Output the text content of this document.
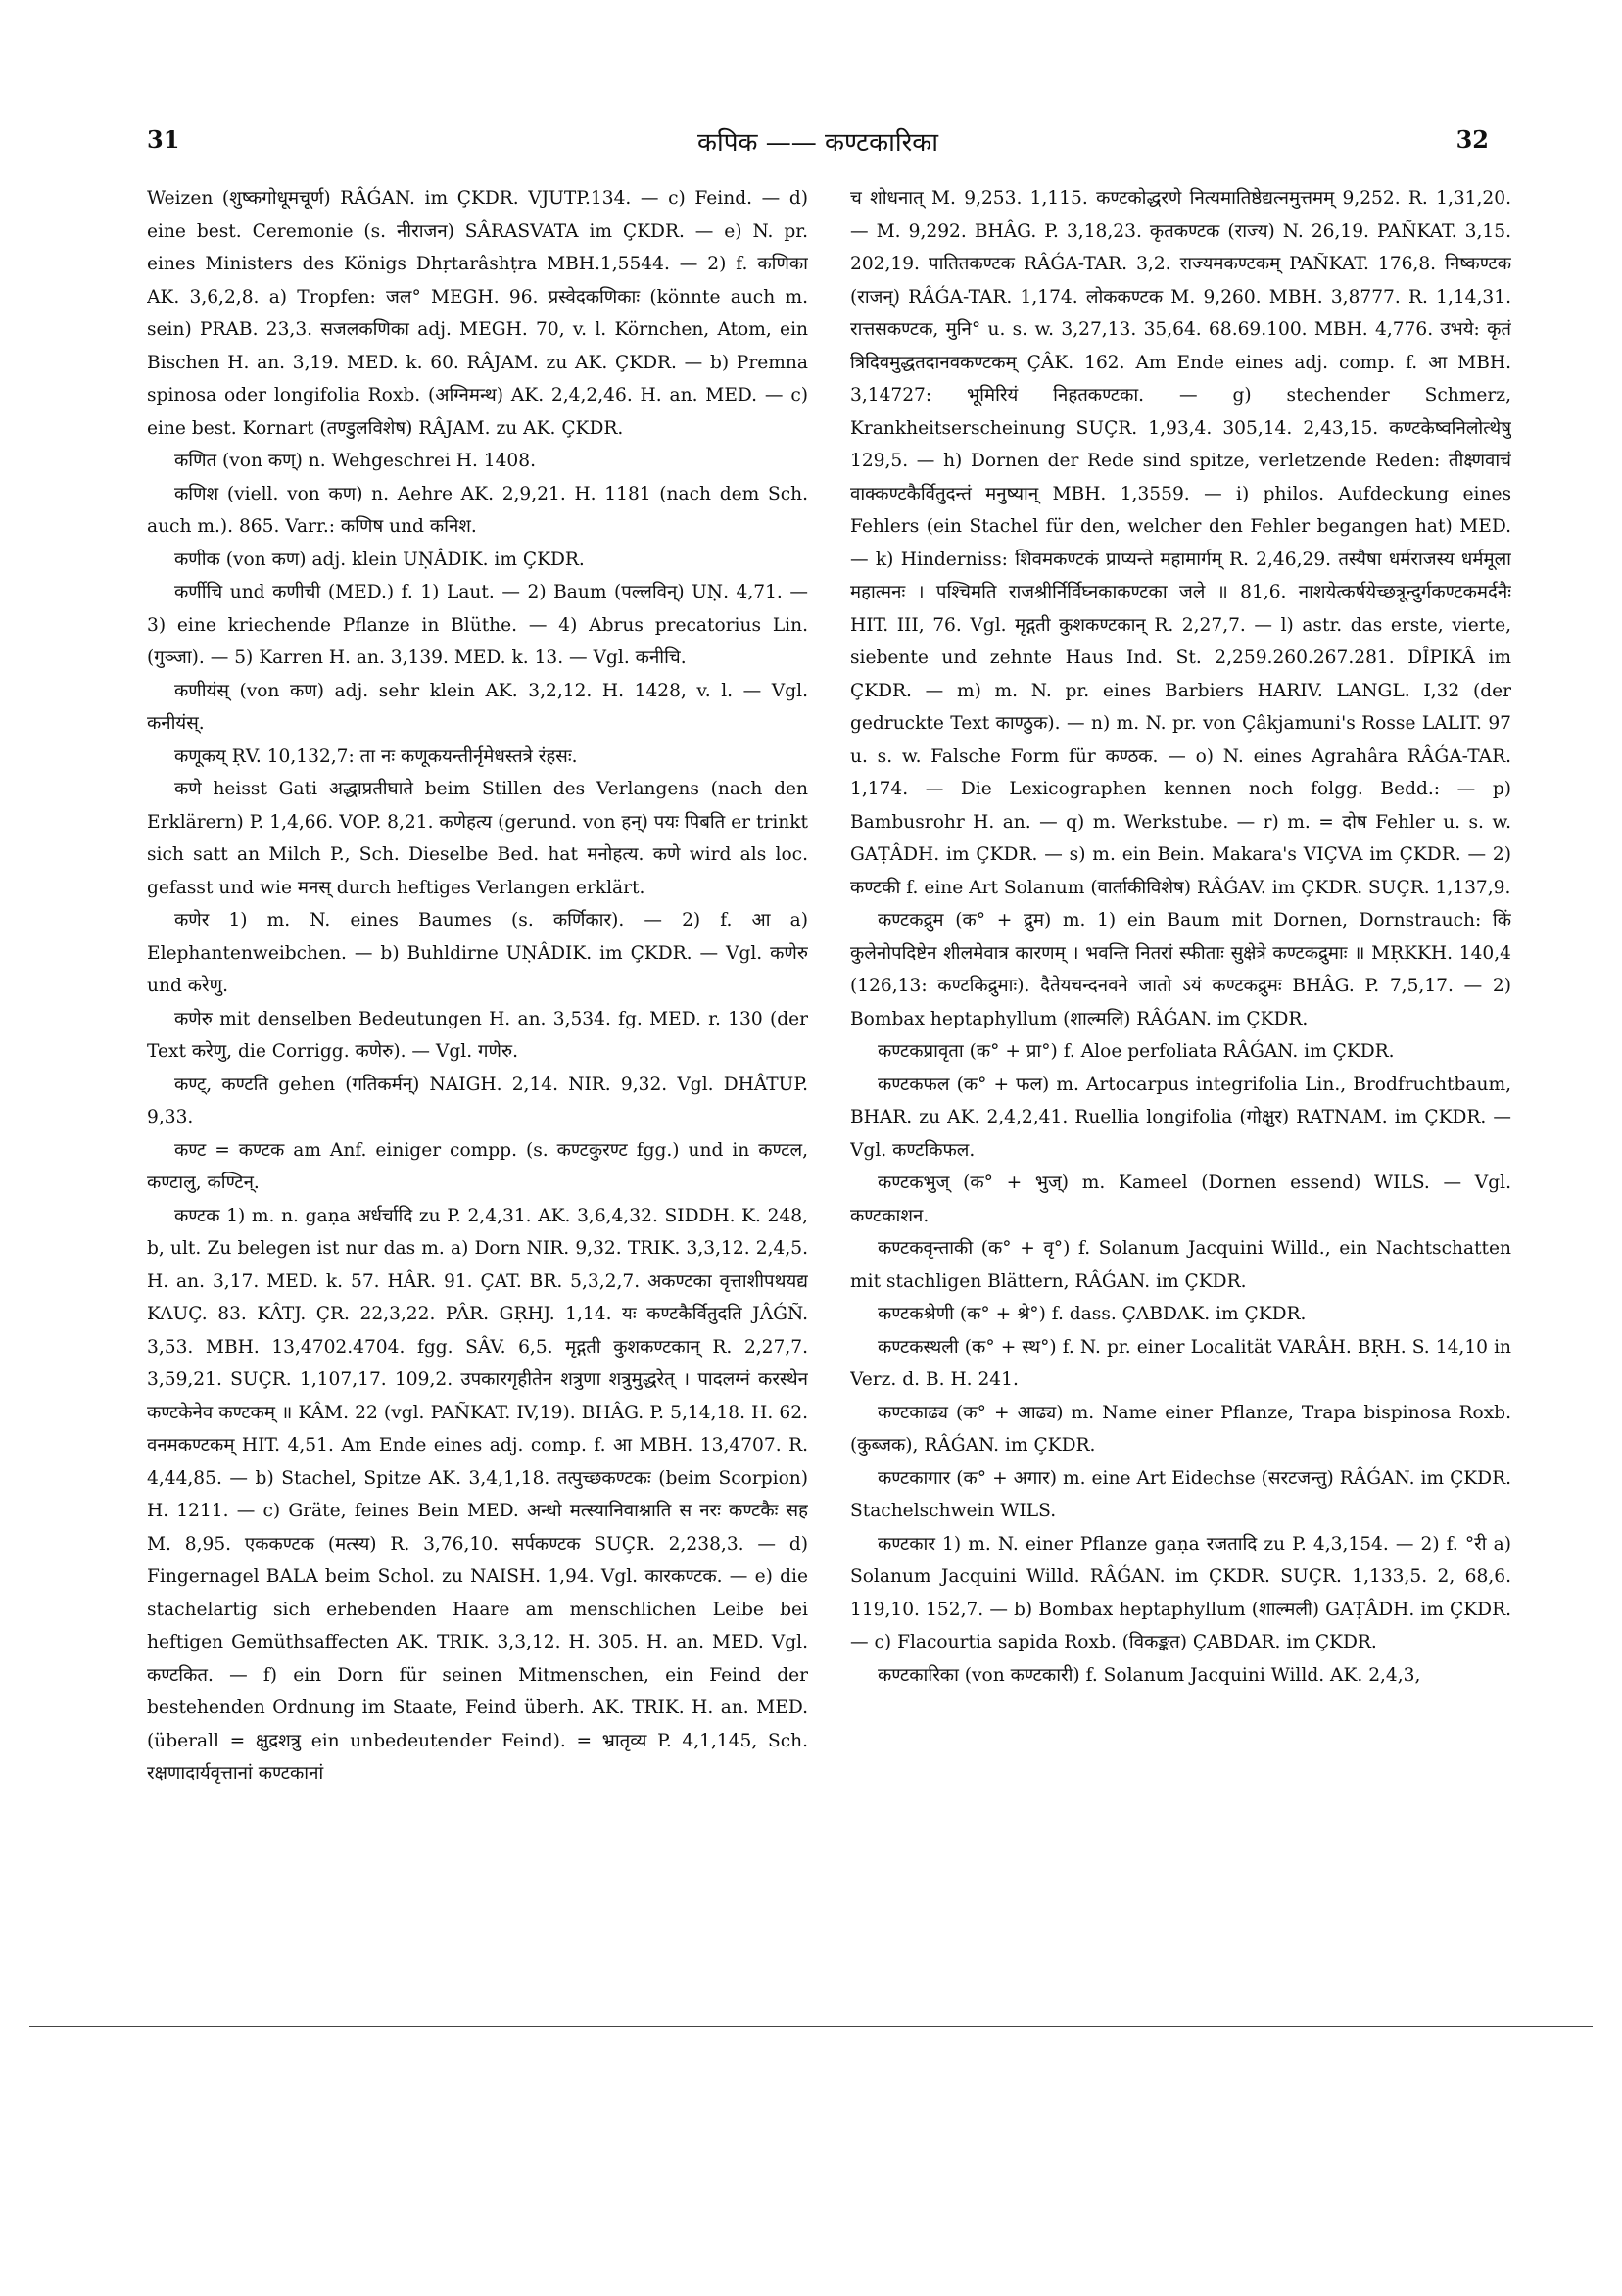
31	कपिक —— कण्टकारिका	32

Weizen (शुष्कगोधूमचूर्ण) RÂǴAN. im ÇKDR. VJUTP.134. — c) Feind. — d) eine best. Ceremonie (s. नीराजन) SÂRASVATA im ÇKDR. — e) N. pr. eines Ministers des Königs Dhṛtarâshṭra MBH.1,5544. — 2) f. कणिका AK. 3,6,2,8. a) Tropfen: जल° MEGH. 96. प्रस्वेदकणिकाः (könnte auch m. sein) PRAB. 23,3. सजलकणिका adj. MEGH. 70, v. l. Körnchen, Atom, ein Bischen H. an. 3,19. MED. k. 60. RÂJAM. zu AK. ÇKDR. — b) Premna spinosa oder longifolia Roxb. (अग्निमन्थ) AK. 2,4,2,46. H. an. MED. — c) eine best. Kornart (तण्डुलविशेष) RÂJAM. zu AK. ÇKDR.

कणित (von कण्) n. Wehgeschrei H. 1408.

कणिश (viell. von कण) n. Aehre AK. 2,9,21. H. 1181 (nach dem Sch. auch m.). 865. Varr.: कणिष und कनिश.

कणीक (von कण) adj. klein UṆÂDIK. im ÇKDR.

कर्णीचि und कणीची (MED.) f. 1) Laut. — 2) Baum (पल्लविन्) UṆ. 4,71. — 3) eine kriechende Pflanze in Blüthe. — 4) Abrus precatorius Lin. (गुञ्जा). — 5) Karren H. an. 3,139. MED. k. 13. — Vgl. कनीचि.

कणीयंस् (von कण) adj. sehr klein AK. 3,2,12. H. 1428, v. l. — Vgl. कनीयंस्.

कणूकय् ṚV. 10,132,7: ता नः कणूकयन्तीर्नृमेधस्तत्रे रंहसः.

कणे heisst Gati अद्धाप्रतीघाते beim Stillen des Verlangens (nach den Erklärern) P. 1,4,66. VOP. 8,21. कणेहत्य (gerund. von हन्) पयः पिबति er trinkt sich satt an Milch P., Sch. Dieselbe Bed. hat मनोहत्य. कणे wird als loc. gefasst und wie मनस् durch heftiges Verlangen erklärt.

कणेर 1) m. N. eines Baumes (s. कर्णिकार). — 2) f. आ a) Elephantenweibchen. — b) Buhldirne UṆÂDIK. im ÇKDR. — Vgl. कणेरु und करेणु.

कणेरु mit denselben Bedeutungen H. an. 3,534. fg. MED. r. 130 (der Text करेणु, die Corrigg. कणेरु). — Vgl. गणेरु.

कण्ट्, कण्टति gehen (गतिकर्मन्) NAIGH. 2,14. NIR. 9,32. Vgl. DHÂTUP. 9,33.

कण्ट = कण्टक am Anf. einiger compp. (s. कण्टकुरण्ट fgg.) und in कण्टल, कण्टालु, कण्टिन्.

कण्टक 1) m. n. gaṇa अर्धर्चादि zu P. 2,4,31. AK. 3,6,4,32. SIDDH. K. 248, b, ult. Zu belegen ist nur das m. a) Dorn NIR. 9,32. TRIK. 3,3,12. 2,4,5. H. an. 3,17. MED. k. 57. HÂR. 91. ÇAT. BR. 5,3,2,7. अकण्टका वृत्ताशीपथयद्य KAUÇ. 83. KÂTJ. ÇR. 22,3,22. PÂR. GṚHJ. 1,14. यः कण्टकैर्वितुदति JÂǴÑ. 3,53. MBH. 13,4702.4704. fgg. SÂV. 6,5. मृद्गती कुशकण्टकान् R. 2,27,7. 3,59,21. SUÇR. 1,107,17. 109,2. उपकारगृहीतेन शत्रुणा शत्रुमुद्धरेत् । पादलग्नं करस्थेन कण्टकेनेव कण्टकम् ॥ KÂM. 22 (vgl. PAÑKAT. IV,19). BHÂG. P. 5,14,18. H. 62. वनमकण्टकम् HIT. 4,51. Am Ende eines adj. comp. f. आ MBH. 13,4707. R. 4,44,85. — b) Stachel, Spitze AK. 3,4,1,18. तत्पुच्छकण्टकः (beim Scorpion) H. 1211. — c) Gräte, feines Bein MED. अन्धो मत्स्यानिवाश्नाति स नरः कण्टकैः सह M. 8,95. एककण्टक (मत्स्य) R. 3,76,10. सर्पकण्टक SUÇR. 2,238,3. — d) Fingernagel BALA beim Schol. zu NAISH. 1,94. Vgl. कारकण्टक. — e) die stachelartig sich erhebenden Haare am menschlichen Leibe bei heftigen Gemüthsaffecten AK. TRIK. 3,3,12. H. 305. H. an. MED. Vgl. कण्टकित. — f) ein Dorn für seinen Mitmenschen, ein Feind der bestehenden Ordnung im Staate, Feind überh. AK. TRIK. H. an. MED. (überall = क्षुद्रशत्रु ein unbedeutender Feind). = भ्रातृव्य P. 4,1,145, Sch. रक्षणादार्यवृत्तानां कण्टकानां

च शोधनात् M. 9,253. 1,115. कण्टकोद्धरणे नित्यमातिष्ठेद्यत्नमुत्तमम् 9,252. R. 1,31,20. — M. 9,292. BHÂG. P. 3,18,23. कृतकण्टक (राज्य) N. 26,19. PAÑKAT. 3,15. 202,19. पातितकण्टक RÂǴA-TAR. 3,2. राज्यमकण्टकम् PAÑKAT. 176,8. निष्कण्टक (राजन्) RÂǴA-TAR. 1,174. लोककण्टक M. 9,260. MBH. 3,8777. R. 1,14,31. रात्तसकण्टक, मुनि° u. s. w. 3,27,13. 35,64. 68.69.100. MBH. 4,776. उभये: कृतं त्रिदिवमुद्धतदानवकण्टकम् ÇÂK. 162. Am Ende eines adj. comp. f. आ MBH. 3,14727: भूमिरियं निहतकण्टका. — g) stechender Schmerz, Krankheitserscheinung SUÇR. 1,93,4. 305,14. 2,43,15. कण्टकेष्वनिलोत्थेषु 129,5. — h) Dornen der Rede sind spitze, verletzende Reden: तीक्ष्णवाचं वाक्कण्टकैर्वितुदन्तं मनुष्यान् MBH. 1,3559. — i) philos. Aufdeckung eines Fehlers (ein Stachel für den, welcher den Fehler begangen hat) MED. — k) Hinderniss: शिवमकण्टकं प्राप्यन्ते महामार्गम् R. 2,46,29. तस्यैषा धर्मराजस्य धर्ममूला महात्मनः । पश्चिमति राजश्रीर्निर्विघ्नकाकण्टका जले ॥ 81,6. नाशयेत्कर्षयेच्छत्रून्दुर्गकण्टकमर्दनैः HIT. III, 76. Vgl. मृद्गती कुशकण्टकान् R. 2,27,7. — l) astr. das erste, vierte, siebente und zehnte Haus Ind. St. 2,259.260.267.281. DÎPIKÂ im ÇKDR. — m) m. N. pr. eines Barbiers HARIV. LANGL. I,32 (der gedruckte Text काण्ठुक). — n) m. N. pr. von Çâkjamuni's Rosse LALIT. 97 u. s. w. Falsche Form für कण्ठक. — o) N. eines Agrahâra RÂǴA-TAR. 1,174. — Die Lexicographen kennen noch folgg. Bedd.: — p) Bambusrohr H. an. — q) m. Werkstube. — r) m. = दोष Fehler u. s. w. GAṬÂDH. im ÇKDR. — s) m. ein Bein. Makara's VIÇVA im ÇKDR. — 2) कण्टकी f. eine Art Solanum (वार्ताकीविशेष) RÂǴAV. im ÇKDR. SUÇR. 1,137,9.

कण्टकद्रुम (क° + द्रुम) m. 1) ein Baum mit Dornen, Dornstrauch: किं कुलेनोपदिष्टेन शीलमेवात्र कारणम् । भवन्ति नितरां स्फीताः सुक्षेत्रे कण्टकद्रुमाः ॥ MṚKKH. 140,4 (126,13: कण्टकिद्रुमाः). दैतेयचन्दनवने जातो ऽयं कण्टकद्रुमः BHÂG. P. 7,5,17. — 2) Bombax heptaphyllum (शाल्मलि) RÂǴAN. im ÇKDR.

कण्टकप्रावृता (क° + प्रा°) f. Aloe perfoliata RÂǴAN. im ÇKDR.

कण्टकफल (क° + फल) m. Artocarpus integrifolia Lin., Brodfruchtbaum, BHAR. zu AK. 2,4,2,41. Ruellia longifolia (गोक्षुर) RATNAM. im ÇKDR. — Vgl. कण्टकिफल.

कण्टकभुज् (क° + भुज्) m. Kameel (Dornen essend) WILS. — Vgl. कण्टकाशन.

कण्टकवृन्ताकी (क° + वृ°) f. Solanum Jacquini Willd., ein Nachtschatten mit stachligen Blättern, RÂǴAN. im ÇKDR.

कण्टकश्रेणी (क° + श्रे°) f. dass. ÇABDAK. im ÇKDR.

कण्टकस्थली (क° + स्थ°) f. N. pr. einer Localität VARÂH. BṚH. S. 14,10 in Verz. d. B. H. 241.

कण्टकाढ्य (क° + आढ्य) m. Name einer Pflanze, Trapa bispinosa Roxb. (कुब्जक), RÂǴAN. im ÇKDR.

कण्टकागार (क° + अगार) m. eine Art Eidechse (सरटजन्तु) RÂǴAN. im ÇKDR. Stachelschwein WILS.

कण्टकार 1) m. N. einer Pflanze gaṇa रजतादि zu P. 4,3,154. — 2) f. °री a) Solanum Jacquini Willd. RÂǴAN. im ÇKDR. SUÇR. 1,133,5. 2, 68,6. 119,10. 152,7. — b) Bombax heptaphyllum (शाल्मली) GAṬÂDH. im ÇKDR. — c) Flacourtia sapida Roxb. (विकङ्कत) ÇABDAR. im ÇKDR.

कण्टकारिका (von कण्टकारी) f. Solanum Jacquini Willd. AK. 2,4,3,
